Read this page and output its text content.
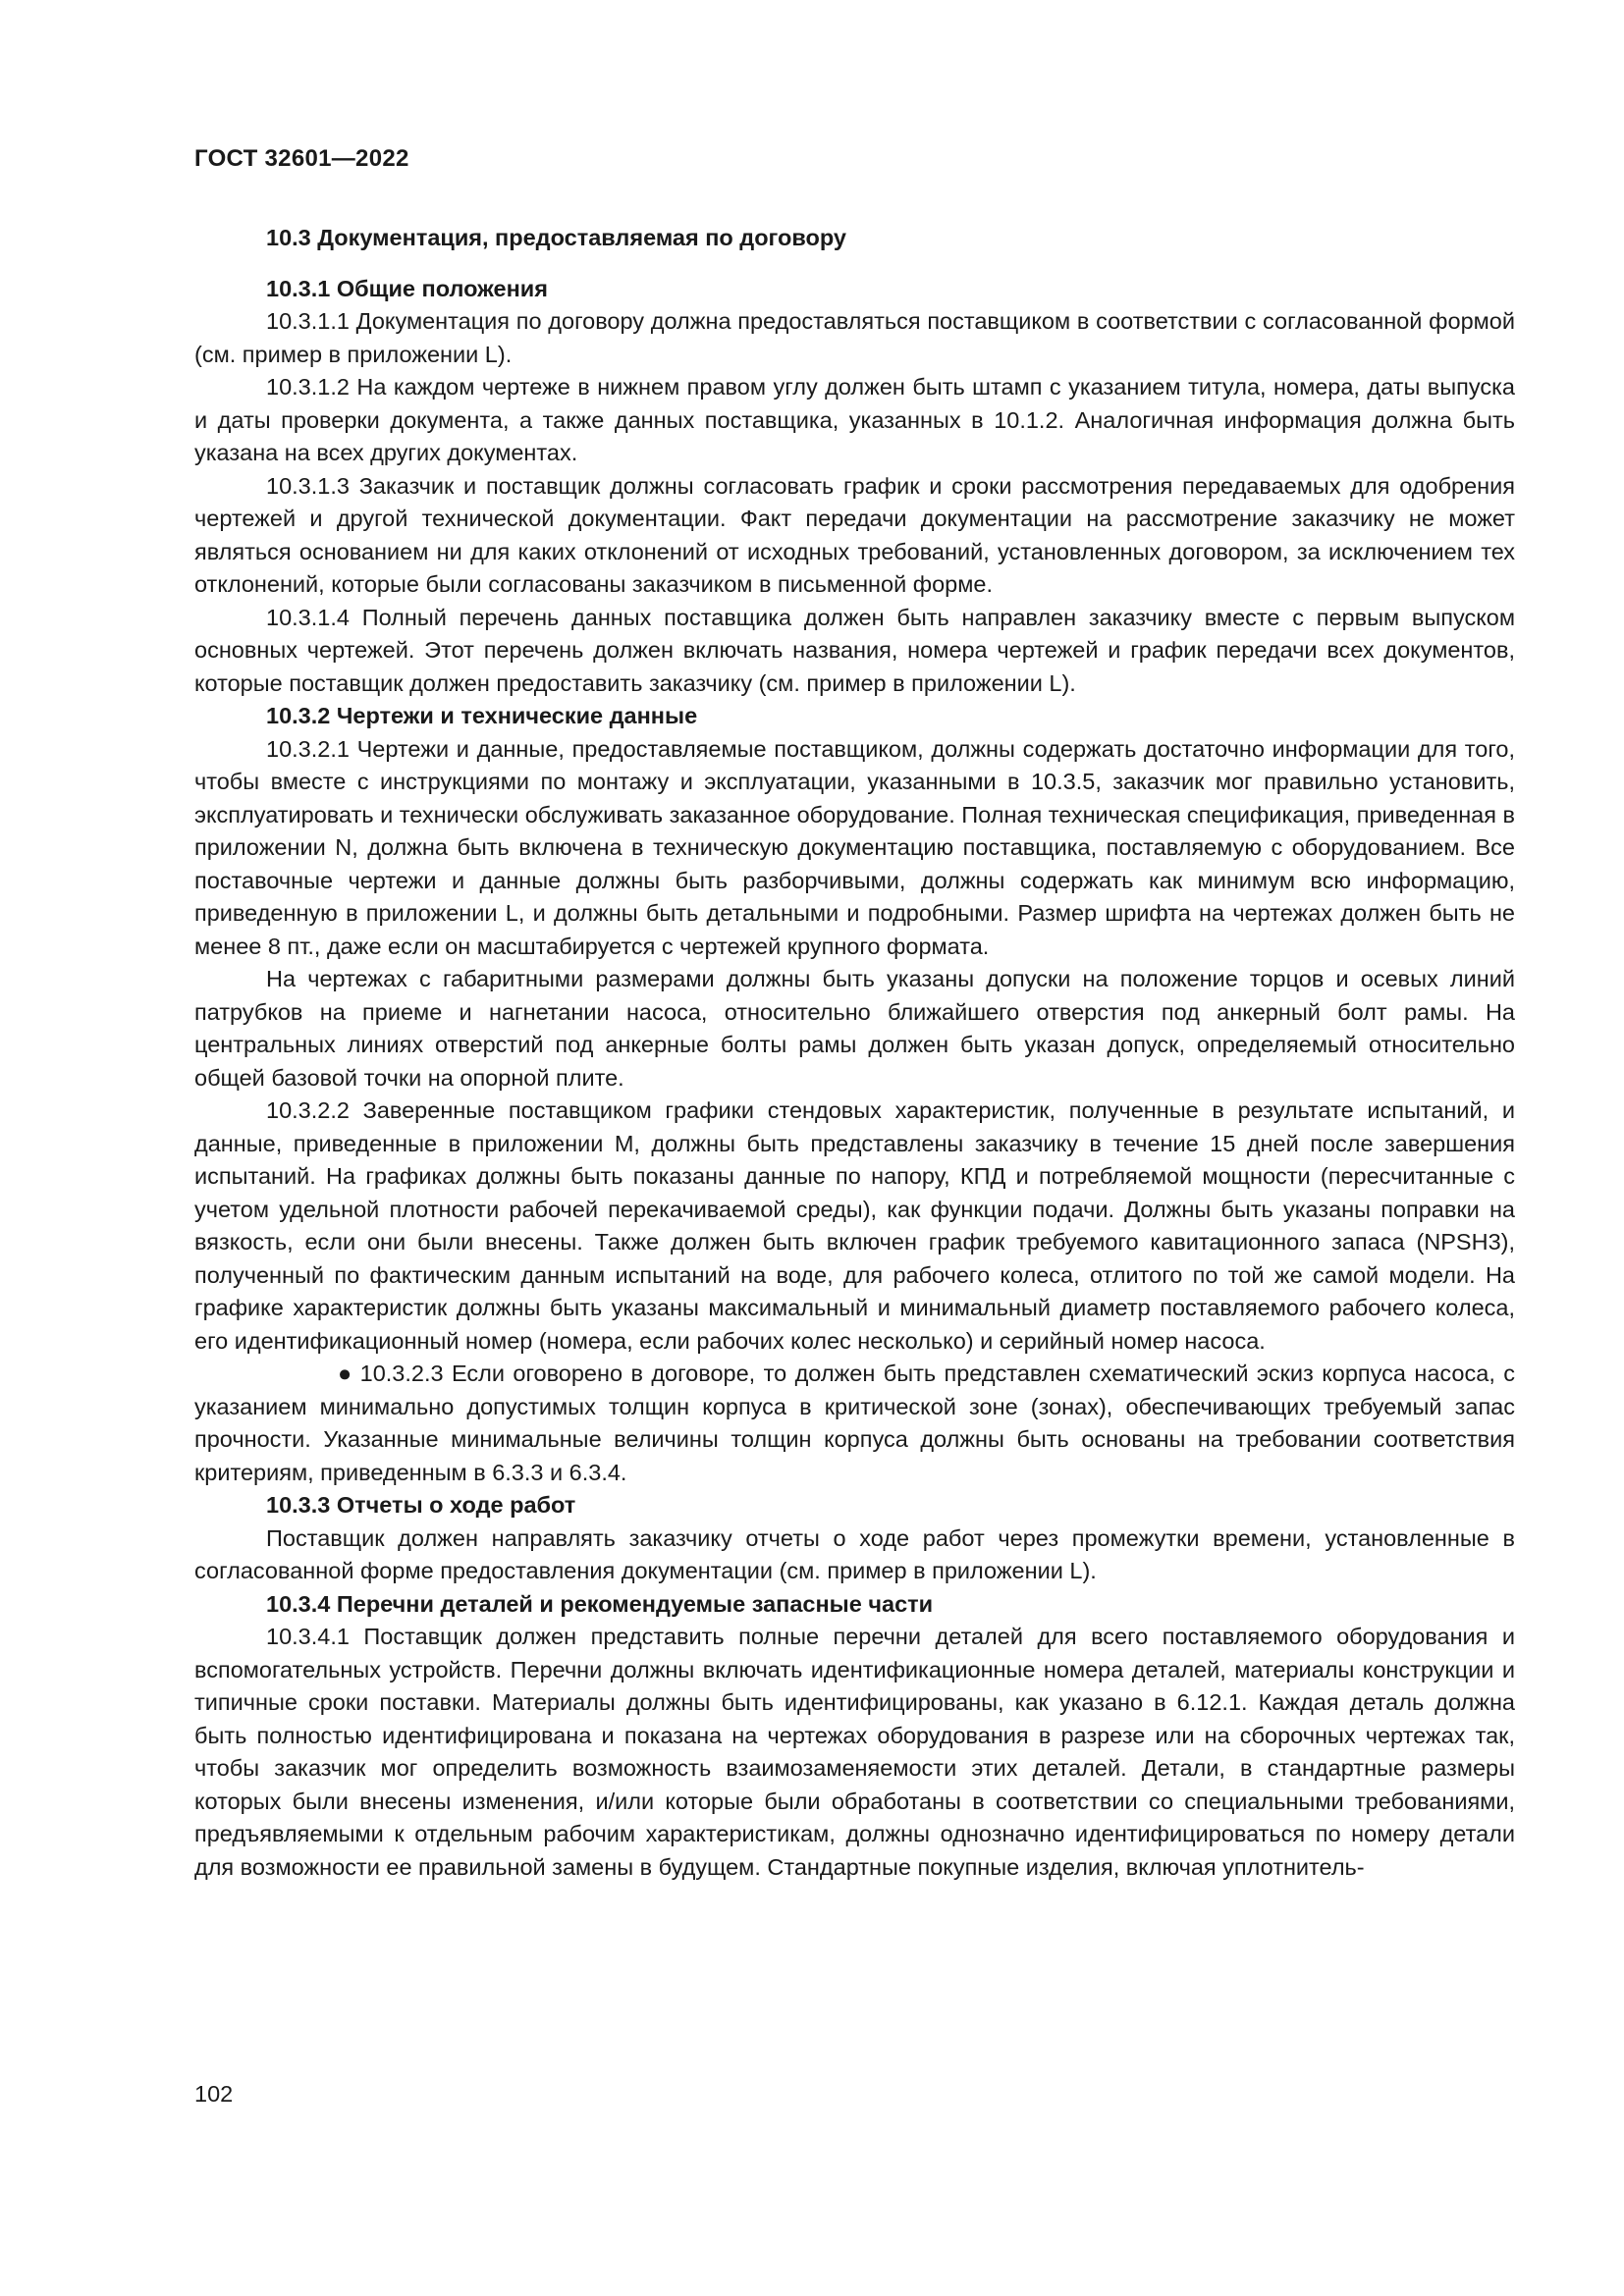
ГОСТ 32601—2022

10.3 Документация, предоставляемая по договору

10.3.1 Общие положения

10.3.1.1 Документация по договору должна предоставляться поставщиком в соответствии с согласованной формой (см. пример в приложении L).

10.3.1.2 На каждом чертеже в нижнем правом углу должен быть штамп с указанием титула, номера, даты выпуска и даты проверки документа, а также данных поставщика, указанных в 10.1.2. Аналогичная информация должна быть указана на всех других документах.

10.3.1.3 Заказчик и поставщик должны согласовать график и сроки рассмотрения передаваемых для одобрения чертежей и другой технической документации. Факт передачи документации на рассмотрение заказчику не может являться основанием ни для каких отклонений от исходных требований, установленных договором, за исключением тех отклонений, которые были согласованы заказчиком в письменной форме.

10.3.1.4 Полный перечень данных поставщика должен быть направлен заказчику вместе с первым выпуском основных чертежей. Этот перечень должен включать названия, номера чертежей и график передачи всех документов, которые поставщик должен предоставить заказчику (см. пример в приложении L).

10.3.2 Чертежи и технические данные

10.3.2.1 Чертежи и данные, предоставляемые поставщиком, должны содержать достаточно информации для того, чтобы вместе с инструкциями по монтажу и эксплуатации, указанными в 10.3.5, заказчик мог правильно установить, эксплуатировать и технически обслуживать заказанное оборудование. Полная техническая спецификация, приведенная в приложении N, должна быть включена в техническую документацию поставщика, поставляемую с оборудованием. Все поставочные чертежи и данные должны быть разборчивыми, должны содержать как минимум всю информацию, приведенную в приложении L, и должны быть детальными и подробными. Размер шрифта на чертежах должен быть не менее 8 пт., даже если он масштабируется с чертежей крупного формата.

На чертежах с габаритными размерами должны быть указаны допуски на положение торцов и осевых линий патрубков на приеме и нагнетании насоса, относительно ближайшего отверстия под анкерный болт рамы. На центральных линиях отверстий под анкерные болты рамы должен быть указан допуск, определяемый относительно общей базовой точки на опорной плите.

10.3.2.2 Заверенные поставщиком графики стендовых характеристик, полученные в результате испытаний, и данные, приведенные в приложении М, должны быть представлены заказчику в течение 15 дней после завершения испытаний. На графиках должны быть показаны данные по напору, КПД и потребляемой мощности (пересчитанные с учетом удельной плотности рабочей перекачиваемой среды), как функции подачи. Должны быть указаны поправки на вязкость, если они были внесены. Также должен быть включен график требуемого кавитационного запаса (NPSH3), полученный по фактическим данным испытаний на воде, для рабочего колеса, отлитого по той же самой модели. На графике характеристик должны быть указаны максимальный и минимальный диаметр поставляемого рабочего колеса, его идентификационный номер (номера, если рабочих колес несколько) и серийный номер насоса.

● 10.3.2.3 Если оговорено в договоре, то должен быть представлен схематический эскиз корпуса насоса, с указанием минимально допустимых толщин корпуса в критической зоне (зонах), обеспечивающих требуемый запас прочности. Указанные минимальные величины толщин корпуса должны быть основаны на требовании соответствия критериям, приведенным в 6.3.3 и 6.3.4.

10.3.3 Отчеты о ходе работ

Поставщик должен направлять заказчику отчеты о ходе работ через промежутки времени, установленные в согласованной форме предоставления документации (см. пример в приложении L).

10.3.4 Перечни деталей и рекомендуемые запасные части

10.3.4.1 Поставщик должен представить полные перечни деталей для всего поставляемого оборудования и вспомогательных устройств. Перечни должны включать идентификационные номера деталей, материалы конструкции и типичные сроки поставки. Материалы должны быть идентифицированы, как указано в 6.12.1. Каждая деталь должна быть полностью идентифицирована и показана на чертежах оборудования в разрезе или на сборочных чертежах так, чтобы заказчик мог определить возможность взаимозаменяемости этих деталей. Детали, в стандартные размеры которых были внесены изменения, и/или которые были обработаны в соответствии со специальными требованиями, предъявляемыми к отдельным рабочим характеристикам, должны однозначно идентифицироваться по номеру детали для возможности ее правильной замены в будущем. Стандартные покупные изделия, включая уплотнитель-

102
